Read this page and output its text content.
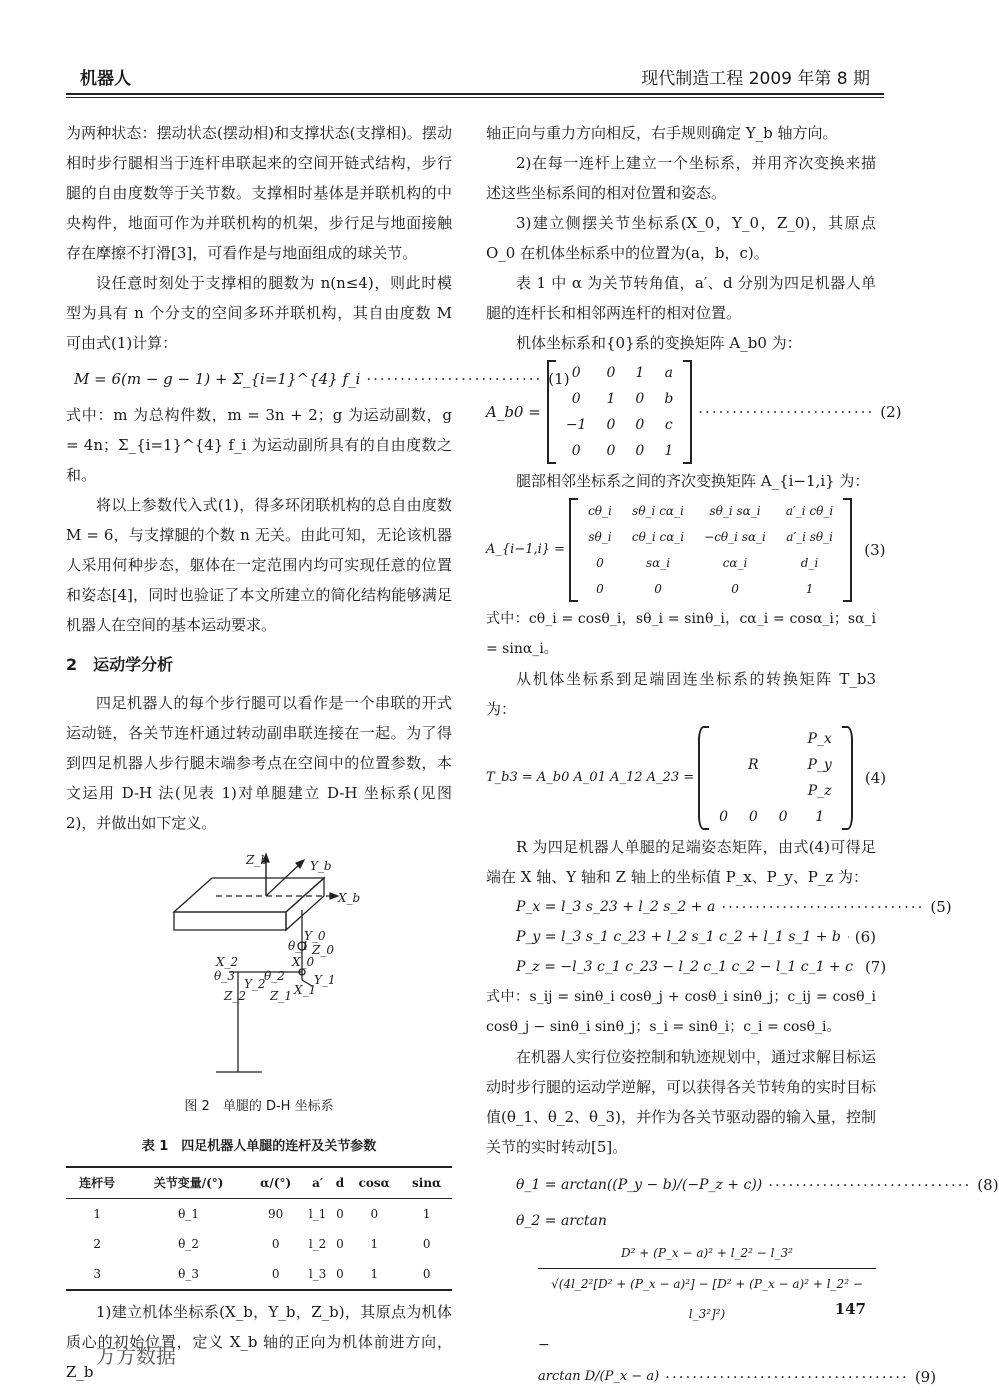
机器人	现代制造工程 2009 年第 8 期

为两种状态：摆动状态(摆动相)和支撑状态(支撑相)。摆动相时步行腿相当于连杆串联起来的空间开链式结构，步行腿的自由度数等于关节数。支撑相时基体是并联机构的中央构件，地面可作为并联机构的机架，步行足与地面接触存在摩擦不打滑[3]，可看作是与地面组成的球关节。

设任意时刻处于支撑相的腿数为 n(n≤4)，则此时模型为具有 n 个分支的空间多环并联机构，其自由度数 M 可由式(1)计算：

M = 6(m − g − 1) + Σ_{i=1}^{4} f_i ·························· (1)

式中：m 为总构件数，m = 3n + 2；g 为运动副数，g = 4n；Σ_{i=1}^{4} f_i 为运动副所具有的自由度数之和。

将以上参数代入式(1)，得多环闭联机构的总自由度数 M = 6，与支撑腿的个数 n 无关。由此可知，无论该机器人采用何种步态，躯体在一定范围内均可实现任意的位置和姿态[4]，同时也验证了本文所建立的简化结构能够满足机器人在空间的基本运动要求。

2　运动学分析

四足机器人的每个步行腿可以看作是一个串联的开式运动链，各关节连杆通过转动副串联连接在一起。为了得到四足机器人步行腿末端参考点在空间中的位置参数，本文运用 D-H 法(见表 1)对单腿建立 D-H 坐标系(见图 2)，并做出如下定义。

Z_b	Y_b
X_b
Y_0
θ_1 Z_0
X_0
X_2
θ_3
Y_2
θ_2 Y_1
Z_2 Z_1 X_1
图 2　单腿的 D-H 坐标系
表 1　四足机器人单腿的连杆及关节参数
连杆号	关节变量/(°)	α/(°)	a′	d	cosα	sinα
1	θ_1	90	l_1	0	0	1
2	θ_2	0	l_2	0	1	0
3	θ_3	0	l_3	0	1	0

1)建立机体坐标系(X_b，Y_b，Z_b)，其原点为机体质心的初始位置，定义 X_b 轴的正向为机体前进方向，Z_b

轴正向与重力方向相反，右手规则确定 Y_b 轴方向。

2)在每一连杆上建立一个坐标系，并用齐次变换来描述这些坐标系间的相对位置和姿态。

3)建立侧摆关节坐标系(X_0，Y_0，Z_0)，其原点 O_0 在机体坐标系中的位置为(a，b，c)。

表 1 中 α 为关节转角值，a′、d 分别为四足机器人单腿的连杆长和相邻两连杆的相对位置。

机体坐标系和{0}系的变换矩阵 A_b0 为：

A_b0 =
0	0	1	a
0	1	0	b
−1	0	0	c
0	0	0	1
·························· (2)

腿部相邻坐标系之间的齐次变换矩阵 A_{i−1,i} 为：

A_{i−1,i} =
cθ_i	sθ_i cα_i	sθ_i sα_i	a′_i cθ_i
sθ_i	cθ_i cα_i	−cθ_i sα_i	a′_i sθ_i
0	sα_i	cα_i	d_i
0	0	0	1
(3)

式中：cθ_i = cosθ_i，sθ_i = sinθ_i，cα_i = cosα_i；sα_i = sinα_i。

从机体坐标系到足端固连坐标系的转换矩阵 T_b3 为：

T_b3 = A_b0 A_01 A_12 A_23 =
			P_x
	R		P_y
			P_z
0	0	0	1
(4)

R 为四足机器人单腿的足端姿态矩阵，由式(4)可得足端在 X 轴、Y 轴和 Z 轴上的坐标值 P_x、P_y、P_z 为：

P_x = l_3 s_23 + l_2 s_2 + a ······························ (5)
P_y = l_3 s_1 c_23 + l_2 s_1 c_2 + l_1 s_1 + b (6)
P_z = −l_3 c_1 c_23 − l_2 c_1 c_2 − l_1 c_1 + c (7)

式中：s_ij = sinθ_i cosθ_j + cosθ_i sinθ_j；c_ij = cosθ_i cosθ_j − sinθ_i sinθ_j；s_i = sinθ_i；c_i = cosθ_i。

在机器人实行位姿控制和轨迹规划中，通过求解目标运动时步行腿的运动学逆解，可以获得各关节转角的实时目标值(θ_1、θ_2、θ_3)，并作为各关节驱动器的输入量，控制关节的实时转动[5]。

θ_1 = arctan((P_y − b)/(−P_z + c)) ······························ (8)
θ_2 = arctan
$\frac{\text{D² + (P\_x − a)² + l\_2² − l\_3²}}{\text{√(4l\_2²[D² + (P\_x − a)²] − [D² + (P\_x − a)² + l\_2² − l\_3²]²)}}$
−
arctan D/(P_x − a) ···································· (9)
147
万方数据
